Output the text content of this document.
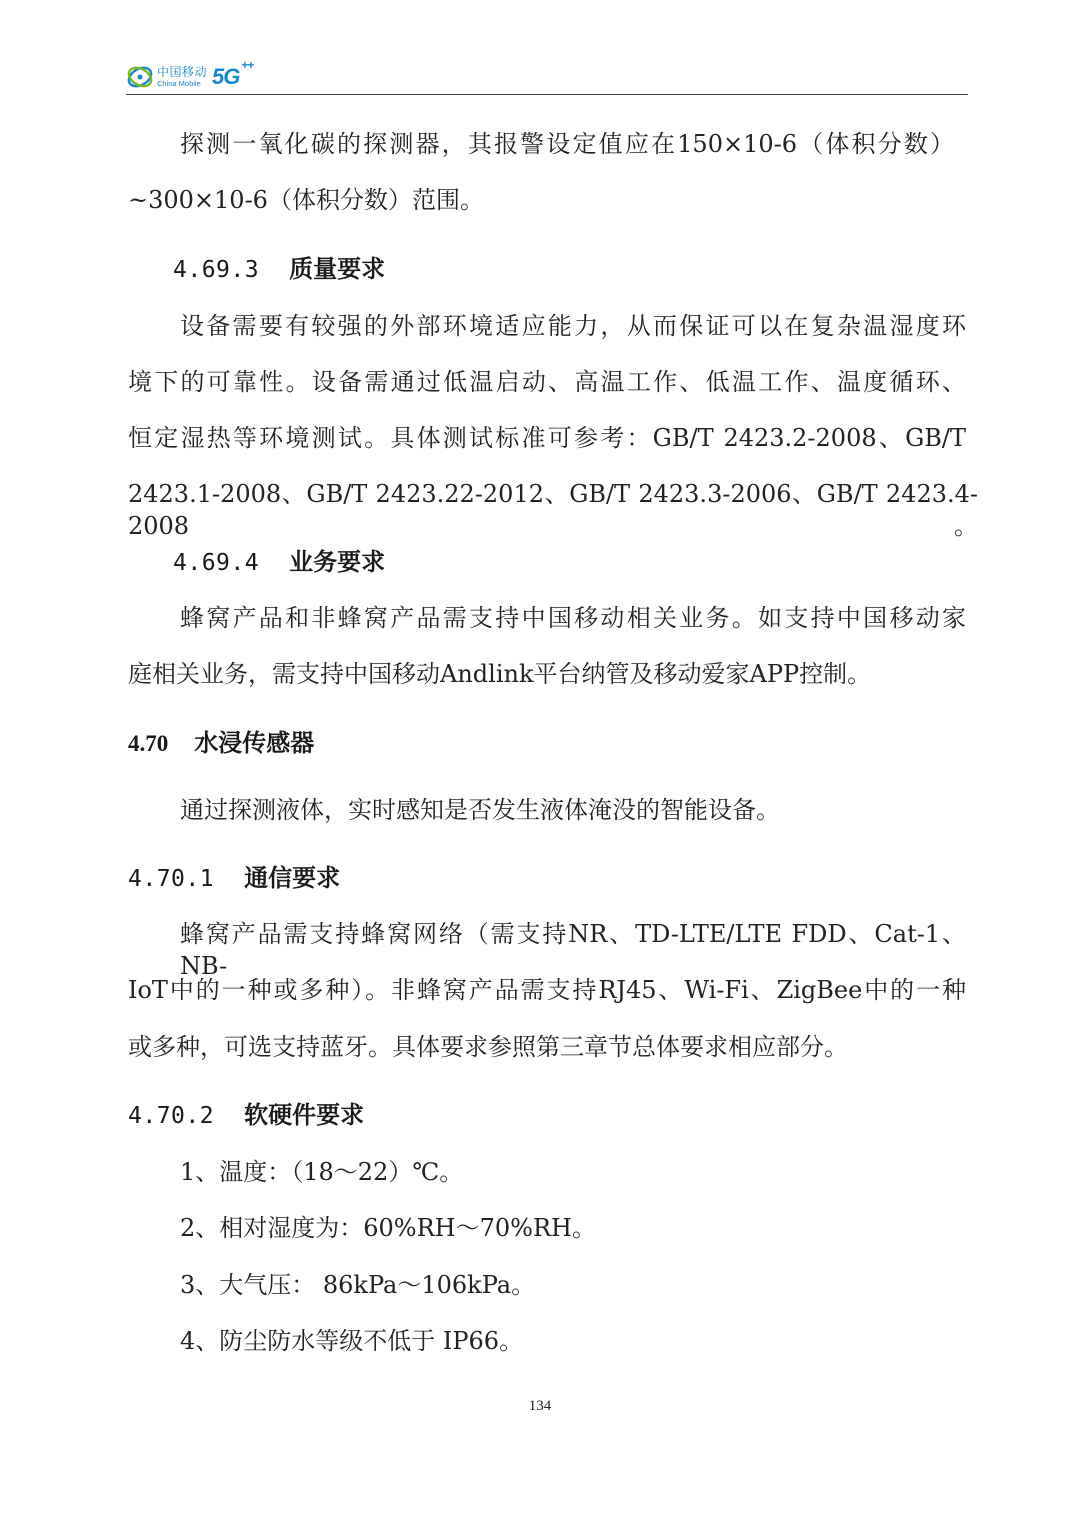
中国移动
China Mobile 5G ++
探测一氧化碳的探测器，其报警设定值应在150×10-6（体积分数）
~300×10-6（体积分数）范围。
4.69.3 质量要求
设备需要有较强的外部环境适应能力，从而保证可以在复杂温湿度环
境下的可靠性。设备需通过低温启动、高温工作、低温工作、温度循环、
恒定湿热等环境测试。具体测试标准可参考：GB/T 2423.2-2008、GB/T
2423.1-2008、GB/T 2423.22-2012、GB/T 2423.3-2006、GB/T 2423.4-2008。
4.69.4 业务要求
蜂窝产品和非蜂窝产品需支持中国移动相关业务。如支持中国移动家
庭相关业务，需支持中国移动Andlink平台纳管及移动爱家APP控制。
4.70 水浸传感器
通过探测液体，实时感知是否发生液体淹没的智能设备。
4.70.1 通信要求
蜂窝产品需支持蜂窝网络（需支持NR、TD-LTE/LTE FDD、Cat-1、NB-
IoT中的一种或多种）。非蜂窝产品需支持RJ45、Wi-Fi、ZigBee中的一种
或多种，可选支持蓝牙。具体要求参照第三章节总体要求相应部分。
4.70.2 软硬件要求
1、温度：（18～22）℃。
2、相对湿度为：60%RH～70%RH。
3、大气压： 86kPa～106kPa。
4、防尘防水等级不低于 IP66。
134
